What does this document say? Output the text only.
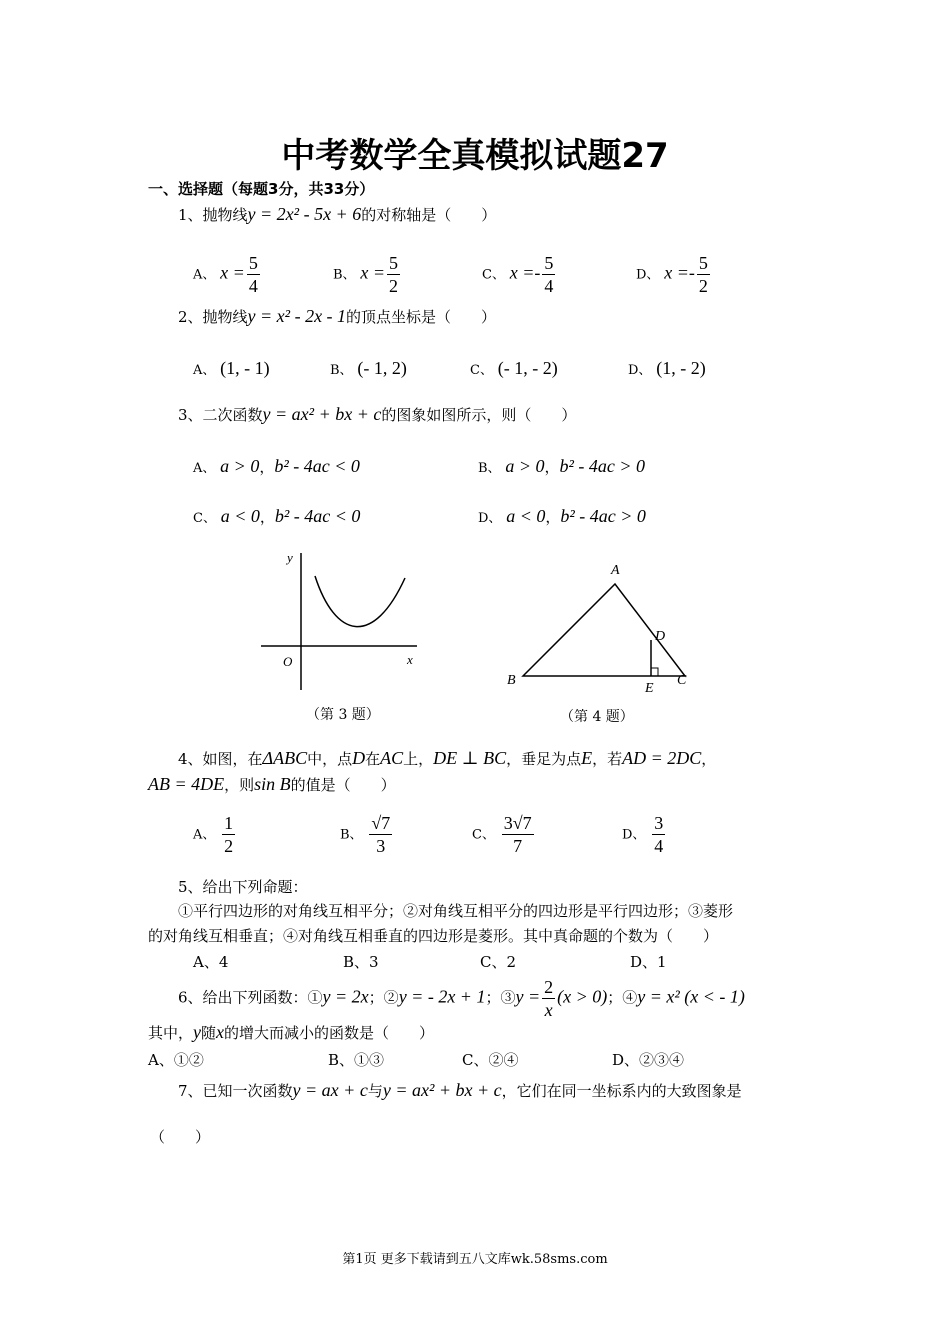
中考数学全真模拟试题27
一、选择题（每题3分，共33分）
1、抛物线y = 2x² - 5x + 6的对称轴是（　　）
A、 $x = \frac{5}{4}$	B、 $x = \frac{5}{2}$	C、 $x =- \frac{5}{4}$	D、 $x =- \frac{5}{2}$
2、抛物线y = x² - 2x - 1的顶点坐标是（　　）
A、 (1, - 1)	B、 (- 1, 2)	C、 (- 1, - 2)	D、 (1, - 2)
3、二次函数y = ax² + bx + c的图象如图所示，则（　　）
A、 a > 0，b² - 4ac < 0	B、 a > 0，b² - 4ac > 0
C、 a < 0，b² - 4ac < 0	D、 a < 0，b² - 4ac > 0
y
O	x
（第 3 题）
A
B	C
D
E
（第 4 题）
4、如图，在ΔABC中，点D在AC上，DE ⊥ BC，垂足为点E，若AD = 2DC，
AB = 4DE，则sin B的值是（　　）
A、 $\frac{1}{2}$	B、 $\frac{√7}{3}$	C、 $\frac{3√7}{7}$	D、 $\frac{3}{4}$
5、给出下列命题：
①平行四边形的对角线互相平分；②对角线互相平分的四边形是平行四边形；③菱形
的对角线互相垂直；④对角线互相垂直的四边形是菱形。其中真命题的个数为（　　）
A、4	B、3	C、2	D、1
6、给出下列函数：①y = 2x；②y = - 2x + 1；③y = $\frac{2}{x} (x > 0)$；④y = x² (x < - 1)
其中，y随x的增大而减小的函数是（　　）
A、①②	B、①③	C、②④	D、②③④
7、已知一次函数y = ax + c与y = ax² + bx + c，它们在同一坐标系内的大致图象是
（　　）
第1页 更多下载请到五八文库wk.58sms.com
